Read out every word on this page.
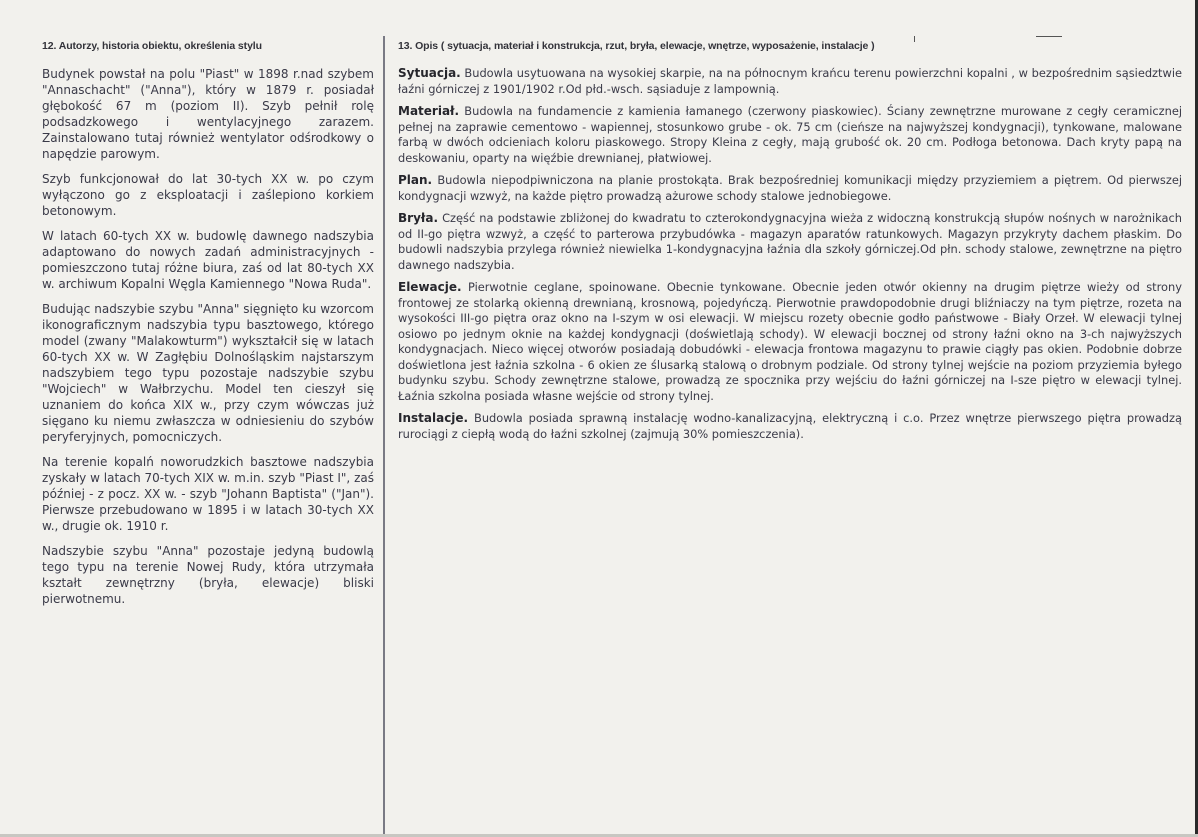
12. Autorzy, historia obiektu, określenia stylu

Budynek powstał na polu "Piast" w 1898 r.nad szybem "Annaschacht" ("Anna"), który w 1879 r. posiadał głębokość 67 m (poziom II). Szyb pełnił rolę podsadzkowego i wentylacyjnego zarazem. Zainstalowano tutaj również wentylator odśrodkowy o napędzie parowym.

Szyb funkcjonował do lat 30-tych XX w. po czym wyłączono go z eksploatacji i zaślepiono korkiem betonowym.

W latach 60-tych XX w. budowlę dawnego nadszybia adaptowano do nowych zadań administracyjnych - pomieszczono tutaj różne biura, zaś od lat 80-tych XX w. archiwum Kopalni Węgla Kamiennego "Nowa Ruda".

Budując nadszybie szybu "Anna" sięgnięto ku wzorcom ikonograficznym nadszybia typu basztowego, którego model (zwany "Malakowturm") wykształcił się w latach 60-tych XX w. W Zagłębiu Dolnośląskim najstarszym nadszybiem tego typu pozostaje nadszybie szybu "Wojciech" w Wałbrzychu. Model ten cieszył się uznaniem do końca XIX w., przy czym wówczas już sięgano ku niemu zwłaszcza w odniesieniu do szybów peryferyjnych, pomocniczych.

Na terenie kopalń noworudzkich basztowe nadszybia zyskały w latach 70-tych XIX w. m.in. szyb "Piast I", zaś później - z pocz. XX w. - szyb "Johann Baptista" ("Jan"). Pierwsze przebudowano w 1895 i w latach 30-tych XX w., drugie ok. 1910 r.

Nadszybie szybu "Anna" pozostaje jedyną budowlą tego typu na terenie Nowej Rudy, która utrzymała kształt zewnętrzny (bryła, elewacje) bliski pierwotnemu.

13. Opis ( sytuacja, materiał i konstrukcja, rzut, bryła, elewacje, wnętrze, wyposażenie, instalacje )

Sytuacja. Budowla usytuowana na wysokiej skarpie, na na północnym krańcu terenu powierzchni kopalni , w bezpośrednim sąsiedztwie łaźni górniczej z 1901/1902 r.Od płd.-wsch. sąsiaduje z lampownią.

Materiał. Budowla na fundamencie z kamienia łamanego (czerwony piaskowiec). Ściany zewnętrzne murowane z cegły ceramicznej pełnej na zaprawie cementowo - wapiennej, stosunkowo grube - ok. 75 cm (cieńsze na najwyższej kondygnacji), tynkowane, malowane farbą w dwóch odcieniach koloru piaskowego. Stropy Kleina z cegły, mają grubość ok. 20 cm. Podłoga betonowa. Dach kryty papą na deskowaniu, oparty na więźbie drewnianej, płatwiowej.

Plan. Budowla niepodpiwniczona na planie prostokąta. Brak bezpośredniej komunikacji między przyziemiem a piętrem. Od pierwszej kondygnacji wzwyż, na każde piętro prowadzą ażurowe schody stalowe jednobiegowe.

Bryła. Część na podstawie zbliżonej do kwadratu to czterokondygnacyjna wieża z widoczną konstrukcją słupów nośnych w narożnikach od II-go piętra wzwyż, a część to parterowa przybudówka - magazyn aparatów ratunkowych. Magazyn przykryty dachem płaskim. Do budowli nadszybia przylega również niewielka 1-kondygnacyjna łaźnia dla szkoły górniczej.Od płn. schody stalowe, zewnętrzne na piętro dawnego nadszybia.

Elewacje. Pierwotnie ceglane, spoinowane. Obecnie tynkowane. Obecnie jeden otwór okienny na drugim piętrze wieży od strony frontowej ze stolarką okienną drewnianą, krosnową, pojedyńczą. Pierwotnie prawdopodobnie drugi bliźniaczy na tym piętrze, rozeta na wysokości III-go piętra oraz okno na I-szym w osi elewacji. W miejscu rozety obecnie godło państwowe - Biały Orzeł. W elewacji tylnej osiowo po jednym oknie na każdej kondygnacji (doświetlają schody). W elewacji bocznej od strony łaźni okno na 3-ch najwyższych kondygnacjach. Nieco więcej otworów posiadają dobudówki - elewacja frontowa magazynu to prawie ciągły pas okien. Podobnie dobrze doświetlona jest łaźnia szkolna - 6 okien ze ślusarką stalową o drobnym podziale. Od strony tylnej wejście na poziom przyziemia byłego budynku szybu. Schody zewnętrzne stalowe, prowadzą ze spocznika przy wejściu do łaźni górniczej na I-sze piętro w elewacji tylnej. Łaźnia szkolna posiada własne wejście od strony tylnej.

Instalacje. Budowla posiada sprawną instalację wodno-kanalizacyjną, elektryczną i c.o. Przez wnętrze pierwszego piętra prowadzą rurociągi z ciepłą wodą do łaźni szkolnej (zajmują 30% pomieszczenia).
